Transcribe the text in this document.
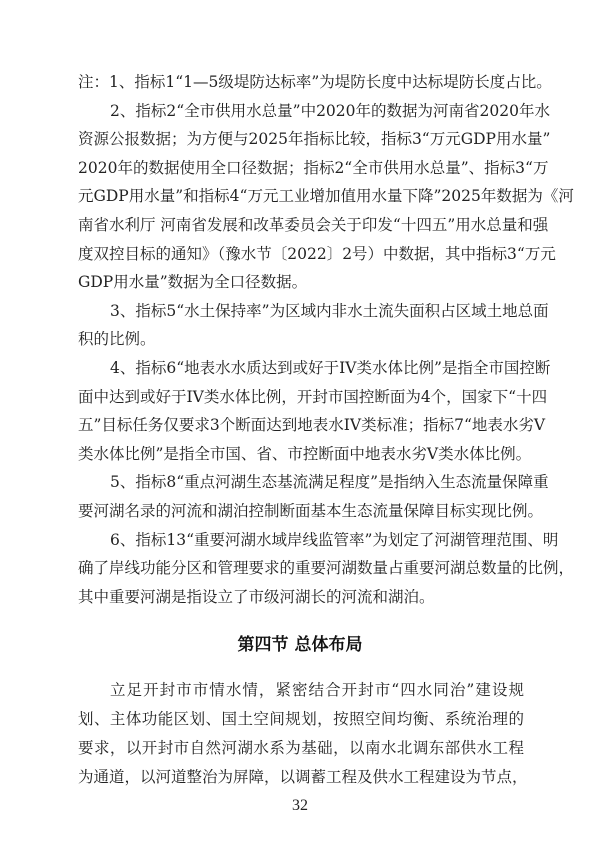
注：1、指标1“1—5级堤防达标率”为堤防长度中达标堤防长度占比。
2、指标2“全市供用水总量”中2020年的数据为河南省2020年水
资源公报数据；为方便与2025年指标比较，指标3“万元GDP用水量”
2020年的数据使用全口径数据；指标2“全市供用水总量”、指标3“万
元GDP用水量”和指标4“万元工业增加值用水量下降”2025年数据为《河
南省水利厅 河南省发展和改革委员会关于印发“十四五”用水总量和强
度双控目标的通知》（豫水节〔2022〕2号）中数据，其中指标3“万元
GDP用水量”数据为全口径数据。
3、指标5“水土保持率”为区域内非水土流失面积占区域土地总面
积的比例。
4、指标6“地表水水质达到或好于IV类水体比例”是指全市国控断
面中达到或好于IV类水体比例，开封市国控断面为4个，国家下“十四
五”目标任务仅要求3个断面达到地表水IV类标准；指标7“地表水劣V
类水体比例”是指全市国、省、市控断面中地表水劣V类水体比例。
5、指标8“重点河湖生态基流满足程度”是指纳入生态流量保障重
要河湖名录的河流和湖泊控制断面基本生态流量保障目标实现比例。
6、指标13“重要河湖水域岸线监管率”为划定了河湖管理范围、明
确了岸线功能分区和管理要求的重要河湖数量占重要河湖总数量的比例，
其中重要河湖是指设立了市级河湖长的河流和湖泊。
第四节 总体布局
立足开封市市情水情，紧密结合开封市“四水同治”建设规
划、主体功能区划、国土空间规划，按照空间均衡、系统治理的
要求，以开封市自然河湖水系为基础，以南水北调东部供水工程
为通道，以河道整治为屏障，以调蓄工程及供水工程建设为节点，
32
